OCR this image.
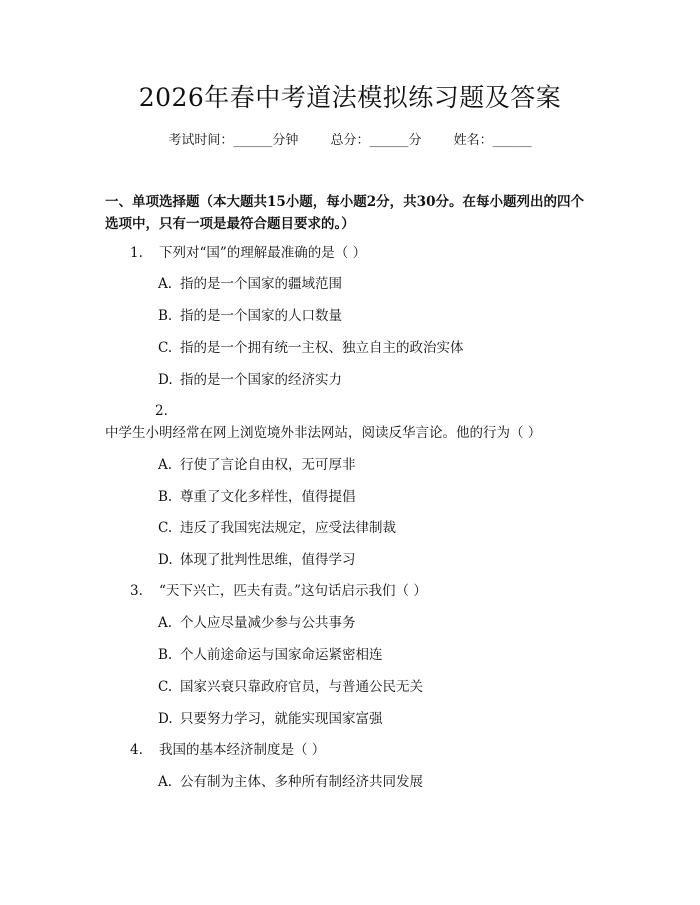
2026年春中考道法模拟练习题及答案
考试时间：______分钟 总分：______分 姓名：______
一、单项选择题（本大题共15小题，每小题2分，共30分。在每小题列出的四个选项中，只有一项是最符合题目要求的。）
1. 下列对“国”的理解最准确的是（ ）
A. 指的是一个国家的疆域范围
B. 指的是一个国家的人口数量
C. 指的是一个拥有统一主权、独立自主的政治实体
D. 指的是一个国家的经济实力
2.中学生小明经常在网上浏览境外非法网站，阅读反华言论。他的行为（ ）
A. 行使了言论自由权，无可厚非
B. 尊重了文化多样性，值得提倡
C. 违反了我国宪法规定，应受法律制裁
D. 体现了批判性思维，值得学习
3. “天下兴亡，匹夫有责。”这句话启示我们（ ）
A. 个人应尽量减少参与公共事务
B. 个人前途命运与国家命运紧密相连
C. 国家兴衰只靠政府官员，与普通公民无关
D. 只要努力学习，就能实现国家富强
4. 我国的基本经济制度是（ ）
A. 公有制为主体、多种所有制经济共同发展
